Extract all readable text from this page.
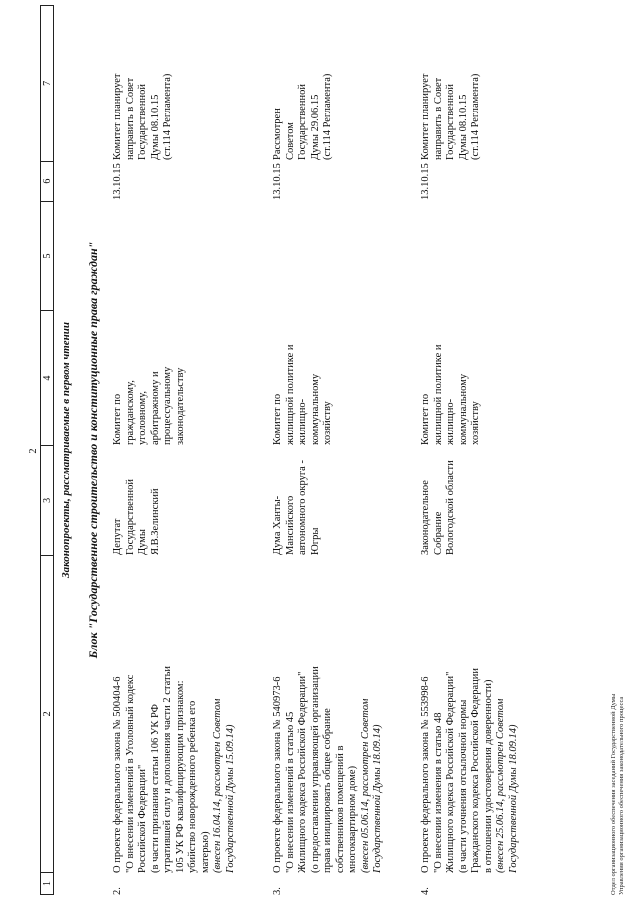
2
1
2
3
4
5
6
7
Законопроекты, рассматриваемые в первом чтении Блок "Государственное строительство и конституционные права граждан"
2.
О проекте федерального закона № 500404-6 "О внесении изменений в Уголовный кодекс Российской Федерации" (в части признания статьи 106 УК РФ утратившей силу и дополнения части 2 статьи 105 УК РФ квалифицирующим признаком: убийство новорожденного ребенка его матерью) (внесен 16.04.14, рассмотрен Советом Государственной Думы 15.09.14)
Депутат Государственной Думы Я.В.Зелинский
Комитет по гражданскому, уголовному, арбитражному и процессуальному законодательству
13.10.15
Комитет планирует направить в Совет Государственной Думы 08.10.15 (ст.114 Регламента)
3.
О проекте федерального закона № 540973-6 "О внесении изменений в статью 45 Жилищного кодекса Российской Федерации" (о предоставлении управляющей организации права инициировать общее собрание собственников помещений в многоквартирном доме) (внесен 05.06.14, рассмотрен Советом Государственной Думы 18.09.14)
Дума Ханты- Мансийского автономного округа - Югры
Комитет по жилищной политике и жилищно- коммунальному хозяйству
13.10.15
Рассмотрен Советом Государственной Думы 29.06.15 (ст.114 Регламента)
4.
О проекте федерального закона № 553998-6 "О внесении изменения в статью 48 Жилищного кодекса Российской Федерации" (в части уточнения отсылочной нормы Гражданского кодекса Российской Федерации в отношении удостоверения доверенности) (внесен 25.06.14, рассмотрен Советом Государственной Думы 18.09.14)
Законодательное Собрание Вологодской области
Комитет по жилищной политике и жилищно- коммунальному хозяйству
13.10.15
Комитет планирует направить в Совет Государственной Думы 08.10.15 (ст.114 Регламента)
Отдел организационного обеспечения заседаний Государственной Думы Управления организационного обеспечения законодательного процесса
